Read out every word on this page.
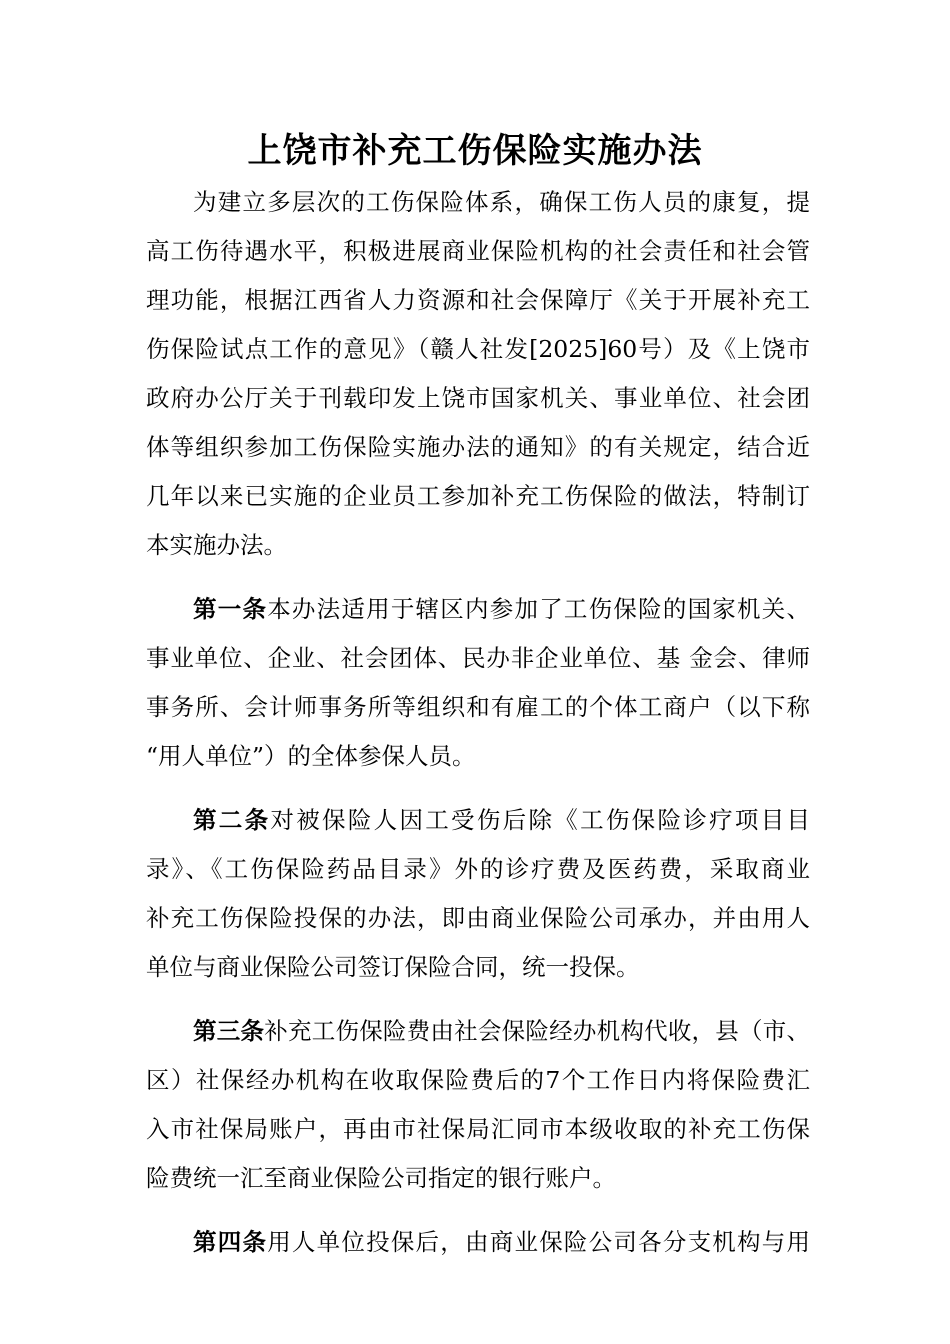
上饶市补充工伤保险实施办法

为建立多层次的工伤保险体系，确保工伤人员的康复，提
高工伤待遇水平，积极进展商业保险机构的社会责任和社会管
理功能，根据江西省人力资源和社会保障厅《关于开展补充工
伤保险试点工作的意见》（赣人社发[2025]60号）及《上饶市
政府办公厅关于刊载印发上饶市国家机关、事业单位、社会团
体等组织参加工伤保险实施办法的通知》的有关规定，结合近
几年以来已实施的企业员工参加补充工伤保险的做法，特制订
本实施办法。

第一条本办法适用于辖区内参加了工伤保险的国家机关、
事业单位、企业、社会团体、民办非企业单位、基 金会、律师
事务所、会计师事务所等组织和有雇工的个体工商户（以下称
“用人单位”）的全体参保人员。

第二条对被保险人因工受伤后除《工伤保险诊疗项目目
录》、《工伤保险药品目录》外的诊疗费及医药费，采取商业
补充工伤保险投保的办法，即由商业保险公司承办，并由用人
单位与商业保险公司签订保险合同，统一投保。

第三条补充工伤保险费由社会保险经办机构代收，县（市、
区）社保经办机构在收取保险费后的7个工作日内将保险费汇
入市社保局账户，再由市社保局汇同市本级收取的补充工伤保
险费统一汇至商业保险公司指定的银行账户。

第四条用人单位投保后，由商业保险公司各分支机构与用
